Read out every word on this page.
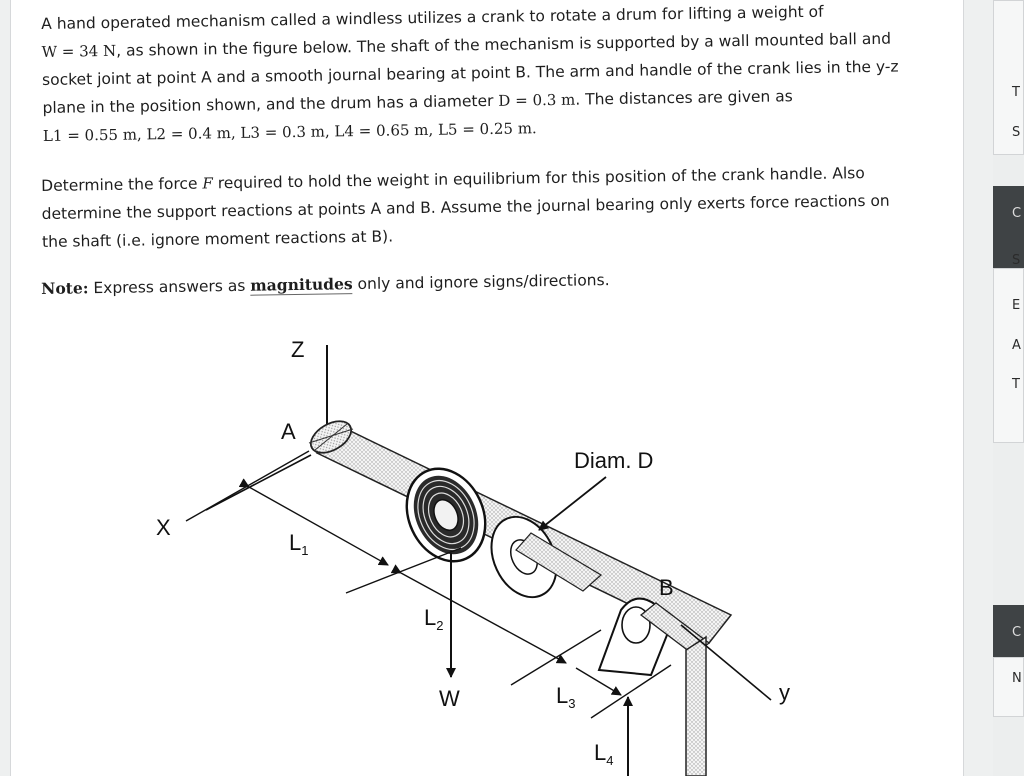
A hand operated mechanism called a windless utilizes a crank to rotate a drum for lifting a weight of
W = 34 N, as shown in the figure below. The shaft of the mechanism is supported by a wall mounted ball and
socket joint at point A and a smooth journal bearing at point B. The arm and handle of the crank lies in the y-z
plane in the position shown, and the drum has a diameter D = 0.3 m. The distances are given as
L1 = 0.55 m, L2 = 0.4 m, L3 = 0.3 m, L4 = 0.65 m, L5 = 0.25 m.
Determine the force F required to hold the weight in equilibrium for this position of the crank handle. Also
determine the support reactions at points A and B. Assume the journal bearing only exerts force reactions on
the shaft (i.e. ignore moment reactions at B).
Note: Express answers as magnitudes only and ignore signs/directions.
Z
X
y
A
B
Diam. D
W
$L_1$
$L_2$
$L_3$
$L_4$
T
S
C
S
E
A
T
C
N
